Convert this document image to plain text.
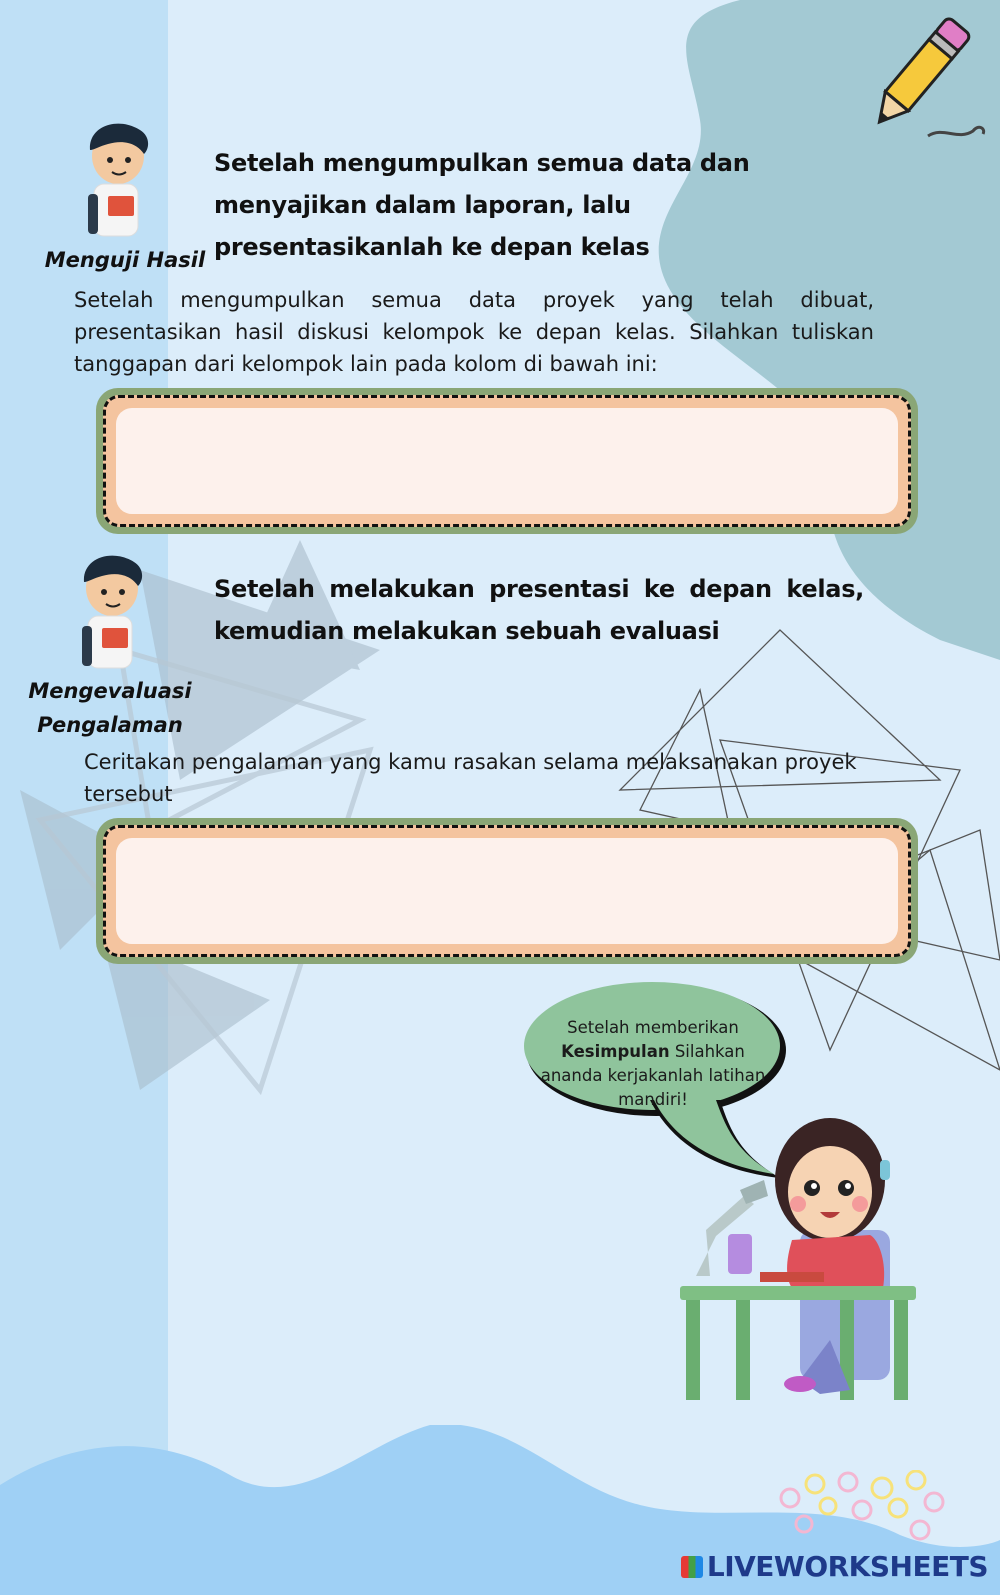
Menguji Hasil
Setelah mengumpulkan semua data dan menyajikan dalam laporan, lalu presentasikanlah ke depan kelas
Setelah mengumpulkan semua data proyek yang telah dibuat, presentasikan hasil diskusi kelompok ke depan kelas. Silahkan tuliskan tanggapan dari kelompok lain pada kolom di bawah ini:
Mengevaluasi
Pengalaman
Setelah melakukan presentasi ke depan kelas, kemudian melakukan sebuah evaluasi
Ceritakan pengalaman yang kamu rasakan selama melaksanakan proyek tersebut
Setelah memberikan
Kesimpulan Silahkan ananda kerjakanlah latihan mandiri!
LIVEWORKSHEETS
